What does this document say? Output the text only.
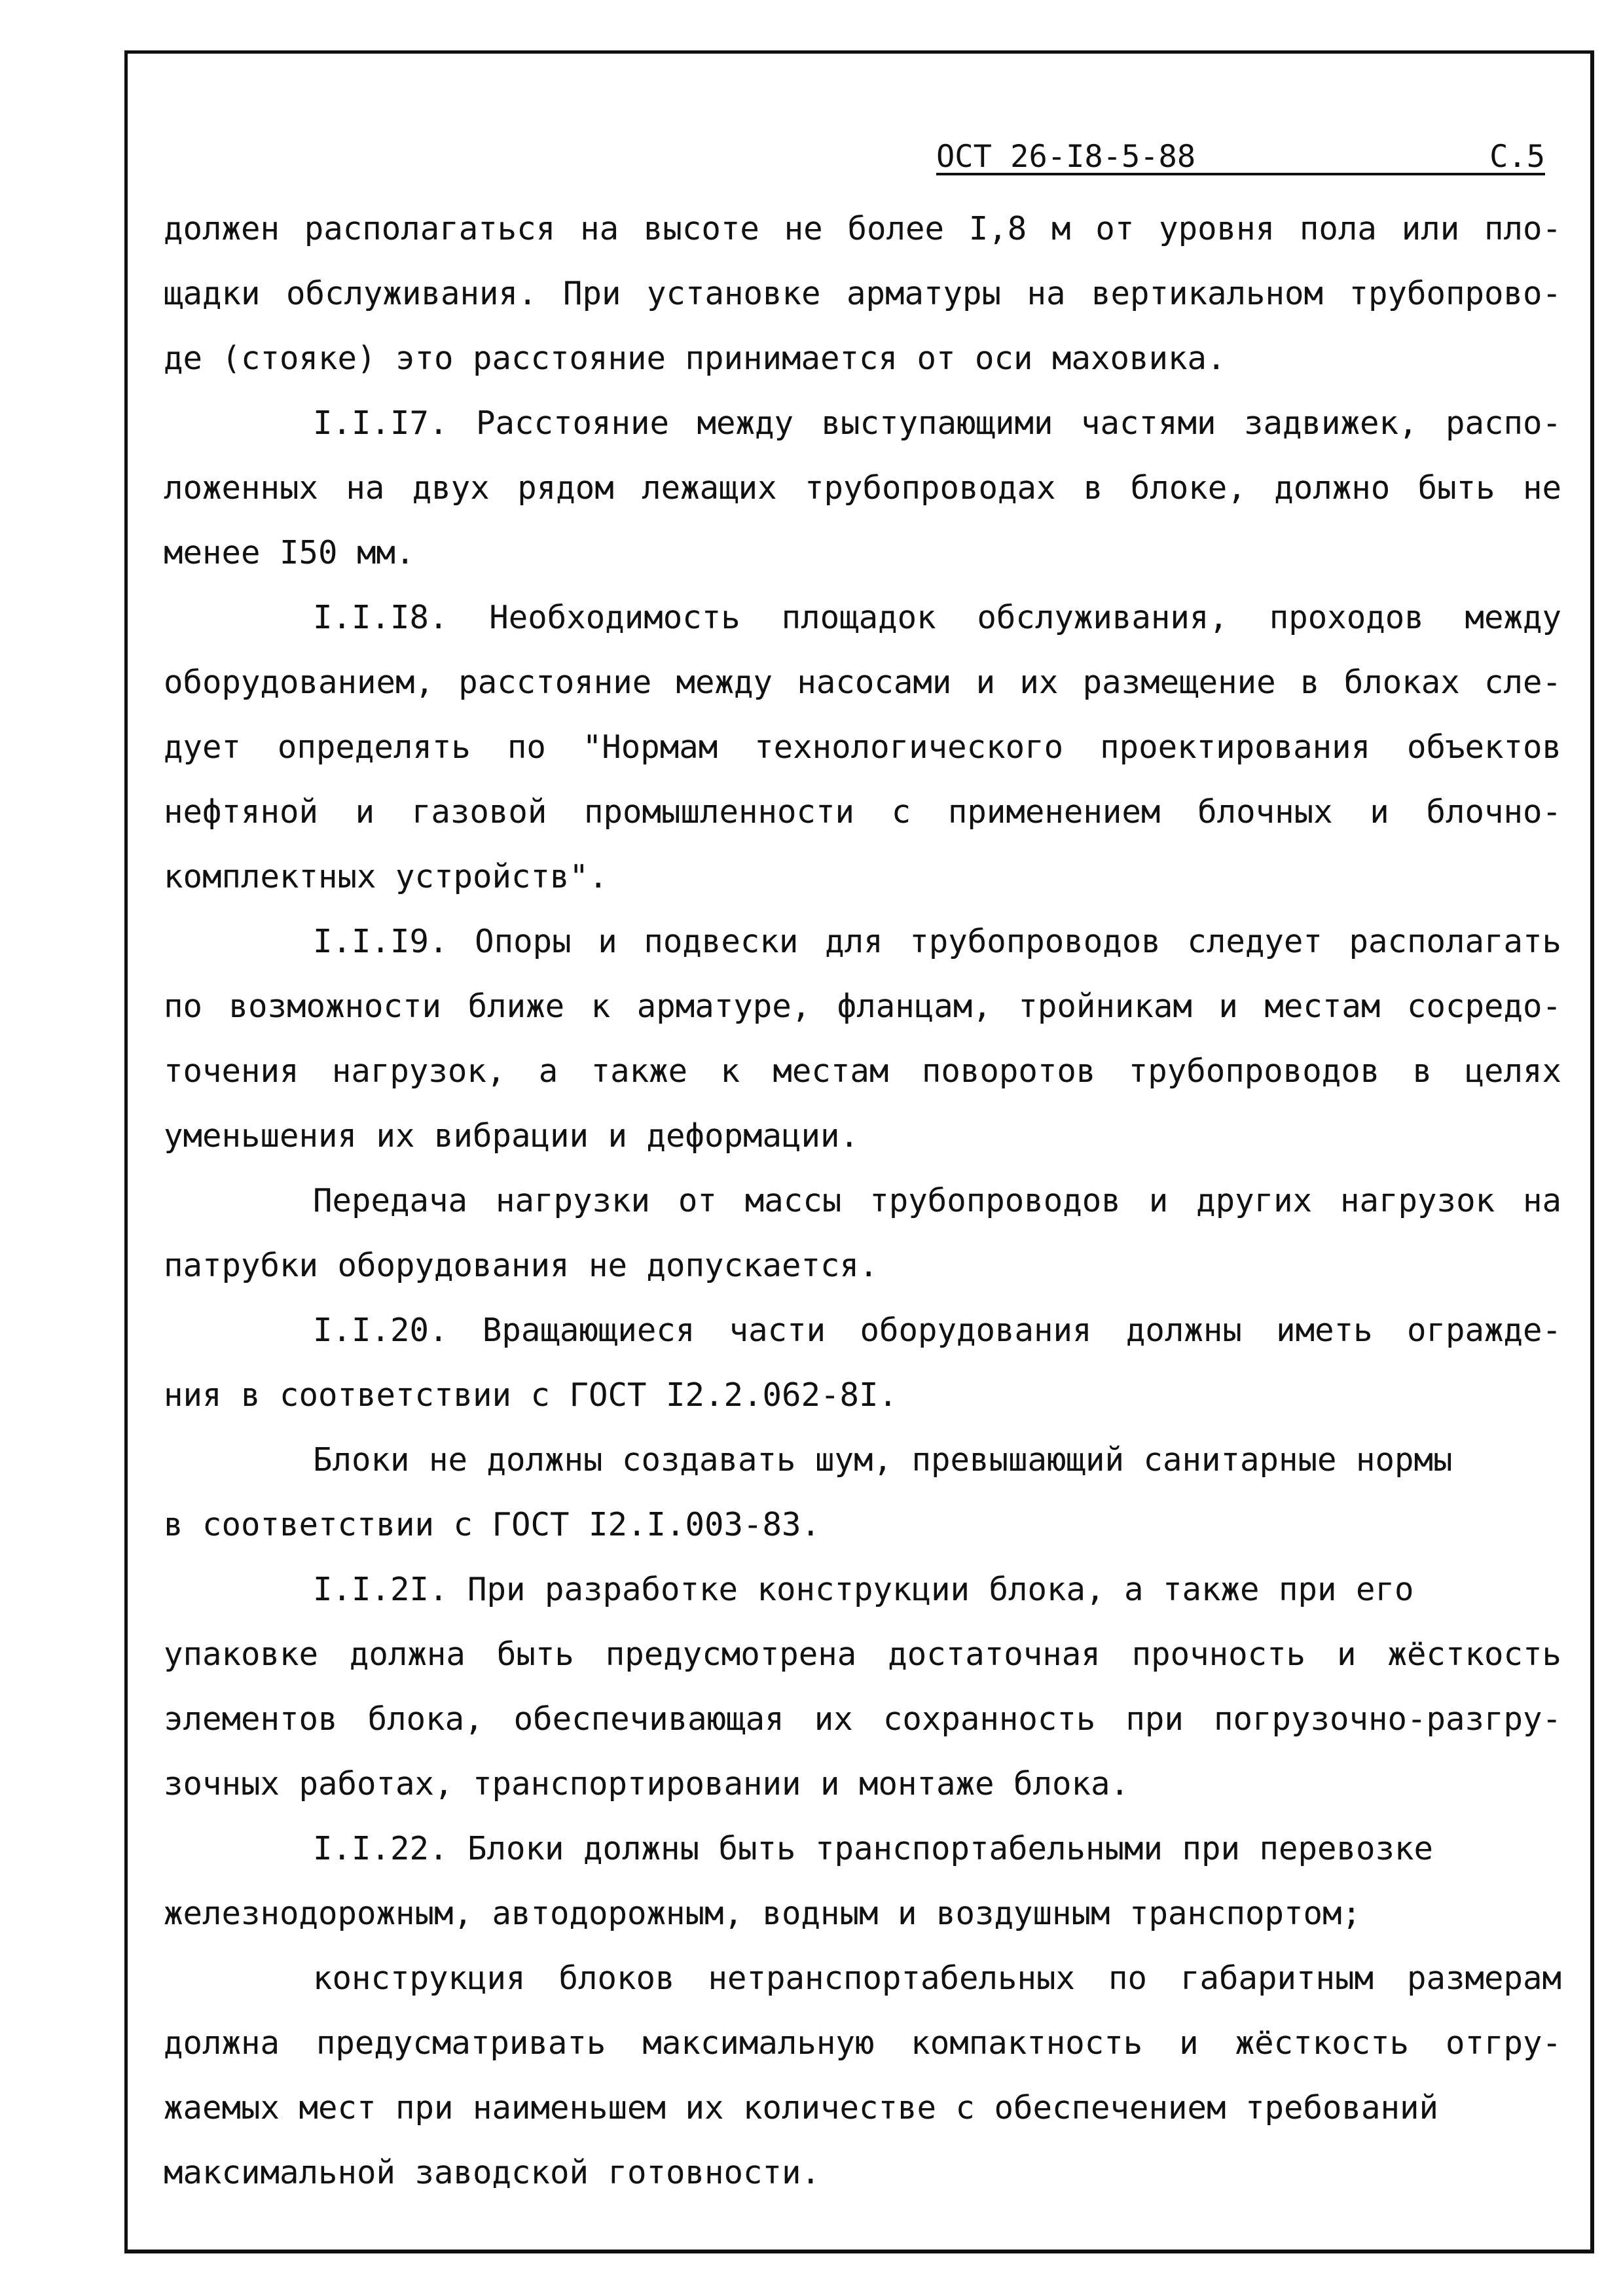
ОСТ 26-I8-5-88	С.5
должен располагаться на высоте не более I,8 м от уровня пола или пло-
щадки обслуживания. При установке арматуры на вертикальном трубопрово-
де (стояке) это расстояние принимается от оси маховика.
I.I.I7. Расстояние между выступающими частями задвижек, распо-
ложенных на двух рядом лежащих трубопроводах в блоке, должно быть не
менее I50 мм.
I.I.I8. Необходимость площадок обслуживания, проходов между
оборудованием, расстояние между насосами и их размещение в блоках сле-
дует определять по "Нормам технологического проектирования объектов
нефтяной и газовой промышленности с применением блочных и блочно-
комплектных устройств".
I.I.I9. Опоры и подвески для трубопроводов следует располагать
по возможности ближе к арматуре, фланцам, тройникам и местам сосредо-
точения нагрузок, а также к местам поворотов трубопроводов в целях
уменьшения их вибрации и деформации.
Передача нагрузки от массы трубопроводов и других нагрузок на
патрубки оборудования не допускается.
I.I.20. Вращающиеся части оборудования должны иметь огражде-
ния в соответствии с ГОСТ I2.2.062-8I.
Блоки не должны создавать шум, превышающий санитарные нормы
в соответствии с ГОСТ I2.I.003-83.
I.I.2I. При разработке конструкции блока, а также при его
упаковке должна быть предусмотрена достаточная прочность и жёсткость
элементов блока, обеспечивающая их сохранность при погрузочно-разгру-
зочных работах, транспортировании и монтаже блока.
I.I.22. Блоки должны быть транспортабельными при перевозке
железнодорожным, автодорожным, водным и воздушным транспортом;
конструкция блоков нетранспортабельных по габаритным размерам
должна предусматривать максимальную компактность и жёсткость отгру-
жаемых мест при наименьшем их количестве с обеспечением требований
максимальной заводской готовности.
